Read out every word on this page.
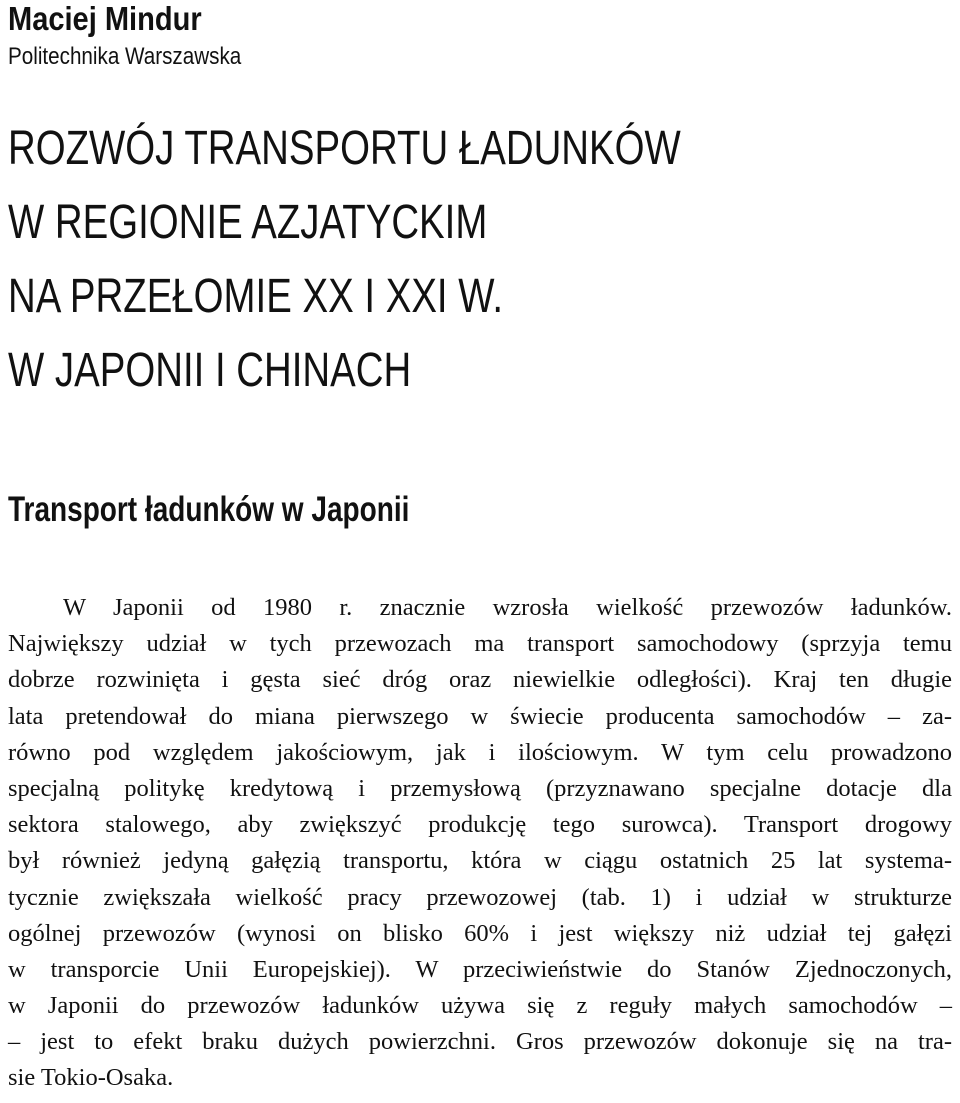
Maciej Mindur
Politechnika Warszawska
ROZWÓJ TRANSPORTU ŁADUNKÓW
W REGIONIE AZJATYCKIM
NA PRZEŁOMIE XX I XXI W.
W JAPONII I CHINACH
Transport ładunków w Japonii
W Japonii od 1980 r. znacznie wzrosła wielkość przewozów ładunków.
Największy udział w tych przewozach ma transport samochodowy (sprzyja temu
dobrze rozwinięta i gęsta sieć dróg oraz niewielkie odległości). Kraj ten długie
lata pretendował do miana pierwszego w świecie producenta samochodów – za-
równo pod względem jakościowym, jak i ilościowym. W tym celu prowadzono
specjalną politykę kredytową i przemysłową (przyznawano specjalne dotacje dla
sektora stalowego, aby zwiększyć produkcję tego surowca). Transport drogowy
był również jedyną gałęzią transportu, która w ciągu ostatnich 25 lat systema-
tycznie zwiększała wielkość pracy przewozowej (tab. 1) i udział w strukturze
ogólnej przewozów (wynosi on blisko 60% i jest większy niż udział tej gałęzi
w transporcie Unii Europejskiej). W przeciwieństwie do Stanów Zjednoczonych,
w Japonii do przewozów ładunków używa się z reguły małych samochodów –
– jest to efekt braku dużych powierzchni. Gros przewozów dokonuje się na tra-
sie Tokio-Osaka.
